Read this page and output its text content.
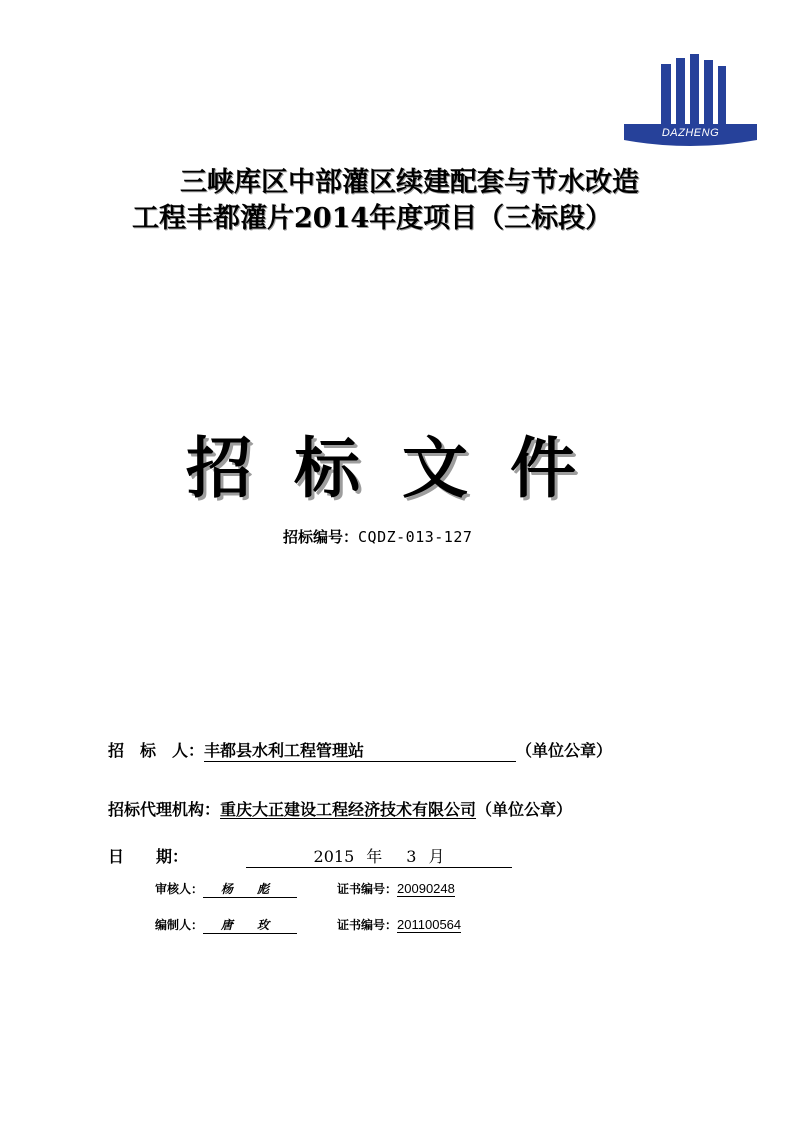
DAZHENG
三峡库区中部灌区续建配套与节水改造
工程丰都灌片2014年度项目（三标段）
招标文件
招标编号：CQDZ-013-127
招　标　人：丰都县水利工程管理站	（单位公章）
招标代理机构：重庆大正建设工程经济技术有限公司（单位公章）
日　　期：	2015 年 3 月
审核人： 杨 彪	证书编号：20090248
编制人： 唐 玫	证书编号：201100564
